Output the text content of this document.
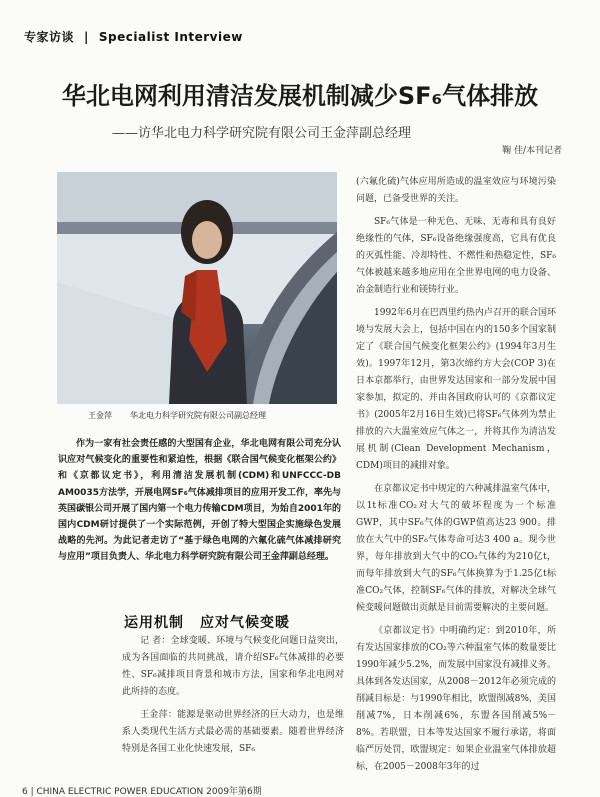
专家访谈 | Specialist Interview
华北电网利用清洁发展机制减少SF₆气体排放
——访华北电力科学研究院有限公司王金萍副总经理
鞠 佳/本刊记者
王金萍 华北电力科学研究院有限公司副总经理
作为一家有社会责任感的大型国有企业，华北电网有限公司充分认识应对气候变化的重要性和紧迫性，根据《联合国气候变化框架公约》和《京都议定书》，利用清洁发展机制(CDM)和UNFCCC-DB AM0035方法学，开展电网SF₆气体减排项目的应用开发工作，率先与英国碳银公司开展了国内第一个电力传输CDM项目，为始自2001年的国内CDM研讨提供了一个实际范例，开创了特大型国企实施绿色发展战略的先河。为此记者走访了“基于绿色电网的六氟化硫气体减排研究与应用”项目负责人、华北电力科学研究院有限公司王金萍副总经理。
运用机制 应对气候变暖

记 者：全球变暖、环境与气候变化问题日益突出，成为各国面临的共同挑战，请介绍SF₆气体减排的必要性、SF₆减排项目背景和城市方法，国家和华北电网对此所持的态度。

王金萍：能源是驱动世界经济的巨大动力，也是维系人类现代生活方式最必需的基础要素。随着世界经济特别是各国工业化快速发展，SF₆

(六氟化硫)气体应用所造成的温室效应与环境污染问题，已备受世界的关注。

SF₆气体是一种无色、无味、无毒和具有良好绝缘性的气体，SF₆设备绝缘强度高，它具有优良的灭弧性能、冷却特性、不燃性和热稳定性，SF₆气体被越来越多地应用在全世界电网的电力设备、冶金制造行业和镁铸行业。

1992年6月在巴西里约热内卢召开的联合国环境与发展大会上，包括中国在内的150多个国家制定了《联合国气候变化框架公约》(1994年3月生效)。1997年12月，第3次缔约方大会(COP 3)在日本京都举行，由世界发达国家和一部分发展中国家参加，拟定的、并由各国政府认可的《京都议定书》(2005年2月16日生效)已将SF₆气体列为禁止排放的六大温室效应气体之一，并将其作为清洁发展机制(Clean Development Mechanism，CDM)项目的减排对象。

在京都议定书中规定的六种减排温室气体中，以1t标准CO₂对大气的破坏程度为一个标准GWP，其中SF₆气体的GWP值高达23 900。排放在大气中的SF₆气体寿命可达3 400 a。现今世界，每年排放到大气中的CO₂气体约为210亿t，而每年排放到大气的SF₆气体换算为于1.25亿t标准CO₂气体，控制SF₆气体的排放，对解决全球气候变暖问题做出贡献是目前需要解决的主要问题。

《京都议定书》中明确约定：到2010年，所有发达国家排放的CO₂等六种温室气体的数量要比1990年减少5.2%，而发展中国家没有减排义务。具体到各发达国家，从2008－2012年必须完成的削减目标是：与1990年相比，欧盟削减8%，美国削减7%，日本削减6%，东盟各国削减5%－8%。若联盟，日本等发达国家不履行承诺，将面临严厉处罚，欧盟规定：如果企业温室气体排放超标，在2005－2008年3年的过

6 | CHINA ELECTRIC POWER EDUCATION 2009年第6期
